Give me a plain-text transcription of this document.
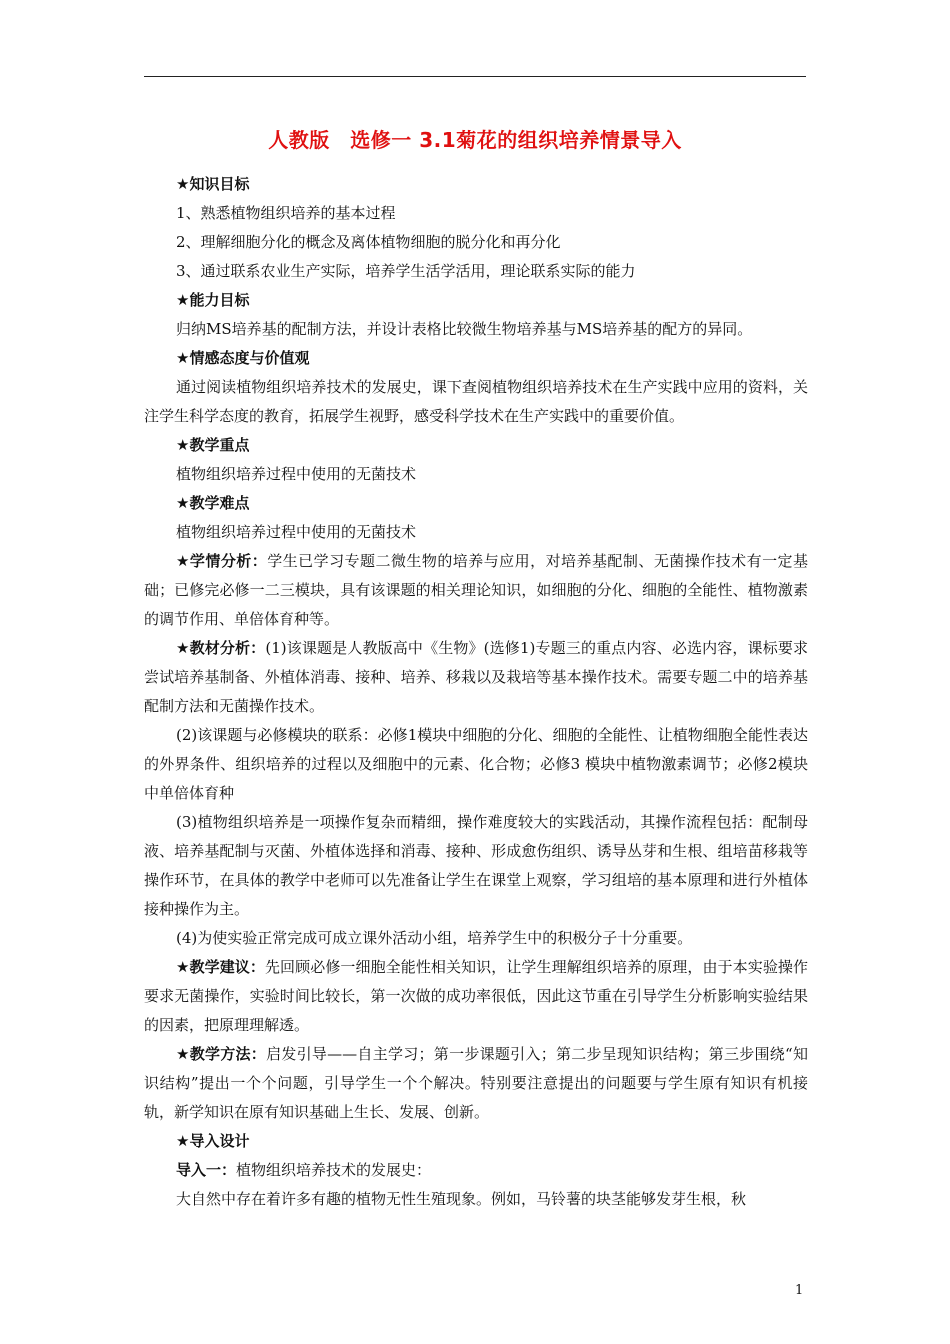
人教版　选修一 3.1菊花的组织培养情景导入

★知识目标

1、熟悉植物组织培养的基本过程

2、理解细胞分化的概念及离体植物细胞的脱分化和再分化

3、通过联系农业生产实际，培养学生活学活用，理论联系实际的能力

★能力目标

归纳MS培养基的配制方法，并设计表格比较微生物培养基与MS培养基的配方的异同。

★情感态度与价值观

通过阅读植物组织培养技术的发展史，课下查阅植物组织培养技术在生产实践中应用的资料，关注学生科学态度的教育，拓展学生视野，感受科学技术在生产实践中的重要价值。

★教学重点

植物组织培养过程中使用的无菌技术

★教学难点

植物组织培养过程中使用的无菌技术

★学情分析：学生已学习专题二微生物的培养与应用，对培养基配制、无菌操作技术有一定基础；已修完必修一二三模块，具有该课题的相关理论知识，如细胞的分化、细胞的全能性、植物激素的调节作用、单倍体育种等。

★教材分析：(1)该课题是人教版高中《生物》(选修1)专题三的重点内容、必选内容，课标要求尝试培养基制备、外植体消毒、接种、培养、移栽以及栽培等基本操作技术。需要专题二中的培养基配制方法和无菌操作技术。

(2)该课题与必修模块的联系：必修1模块中细胞的分化、细胞的全能性、让植物细胞全能性表达的外界条件、组织培养的过程以及细胞中的元素、化合物；必修3 模块中植物激素调节；必修2模块中单倍体育种

(3)植物组织培养是一项操作复杂而精细，操作难度较大的实践活动，其操作流程包括：配制母液、培养基配制与灭菌、外植体选择和消毒、接种、形成愈伤组织、诱导丛芽和生根、组培苗移栽等操作环节，在具体的教学中老师可以先准备让学生在课堂上观察，学习组培的基本原理和进行外植体接种操作为主。

(4)为使实验正常完成可成立课外活动小组，培养学生中的积极分子十分重要。

★教学建议：先回顾必修一细胞全能性相关知识，让学生理解组织培养的原理，由于本实验操作要求无菌操作，实验时间比较长，第一次做的成功率很低，因此这节重在引导学生分析影响实验结果的因素，把原理理解透。

★教学方法：启发引导——自主学习；第一步课题引入；第二步呈现知识结构；第三步围绕“知识结构”提出一个个问题，引导学生一个个解决。特别要注意提出的问题要与学生原有知识有机接轨，新学知识在原有知识基础上生长、发展、创新。

★导入设计

导入一：植物组织培养技术的发展史：

大自然中存在着许多有趣的植物无性生殖现象。例如，马铃薯的块茎能够发芽生根，秋

1
